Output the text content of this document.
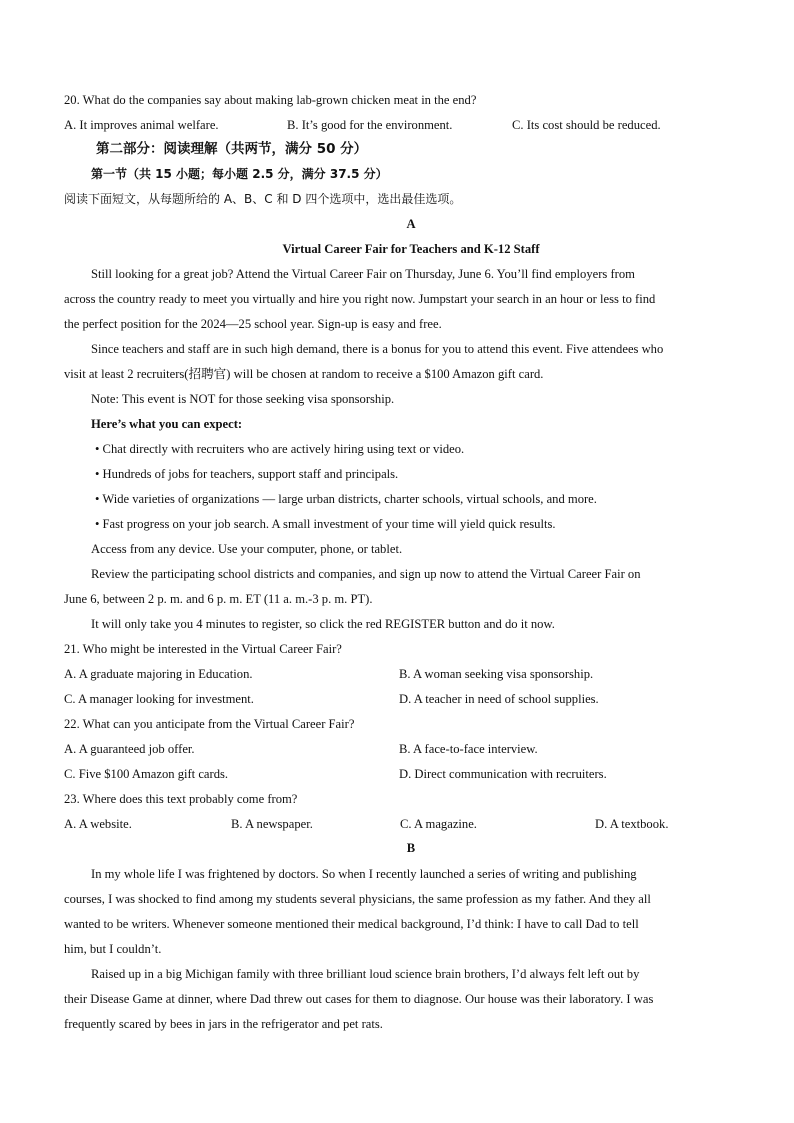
20. What do the companies say about making lab-grown chicken meat in the end?
A. It improves animal welfare.	B. It’s good for the environment.	C. Its cost should be reduced.
第二部分：阅读理解（共两节，满分 50 分）
第一节（共 15 小题；每小题 2.5 分，满分 37.5 分）
阅读下面短文，从每题所给的 A、B、C 和 D 四个选项中，选出最佳选项。
A
Virtual Career Fair for Teachers and K-12 Staff
Still looking for a great job? Attend the Virtual Career Fair on Thursday, June 6. You’ll find employers from
across the country ready to meet you virtually and hire you right now. Jumpstart your search in an hour or less to find
the perfect position for the 2024—25 school year. Sign-up is easy and free.
Since teachers and staff are in such high demand, there is a bonus for you to attend this event. Five attendees who
visit at least 2 recruiters(招聘官) will be chosen at random to receive a $100 Amazon gift card.
Note: This event is NOT for those seeking visa sponsorship.
Here’s what you can expect:
• Chat directly with recruiters who are actively hiring using text or video.
• Hundreds of jobs for teachers, support staff and principals.
• Wide varieties of organizations — large urban districts, charter schools, virtual schools, and more.
• Fast progress on your job search. A small investment of your time will yield quick results.
Access from any device. Use your computer, phone, or tablet.
Review the participating school districts and companies, and sign up now to attend the Virtual Career Fair on
June 6, between 2 p. m. and 6 p. m. ET (11 a. m.-3 p. m. PT).
It will only take you 4 minutes to register, so click the red REGISTER button and do it now.
21. Who might be interested in the Virtual Career Fair?
A. A graduate majoring in Education.	B. A woman seeking visa sponsorship.
C. A manager looking for investment.	D. A teacher in need of school supplies.
22. What can you anticipate from the Virtual Career Fair?
A. A guaranteed job offer.	B. A face-to-face interview.
C. Five $100 Amazon gift cards.	D. Direct communication with recruiters.
23. Where does this text probably come from?
A. A website.	B. A newspaper.	C. A magazine.	D. A textbook.
B
In my whole life I was frightened by doctors. So when I recently launched a series of writing and publishing
courses, I was shocked to find among my students several physicians, the same profession as my father. And they all
wanted to be writers. Whenever someone mentioned their medical background, I’d think: I have to call Dad to tell
him, but I couldn’t.
Raised up in a big Michigan family with three brilliant loud science brain brothers, I’d always felt left out by
their Disease Game at dinner, where Dad threw out cases for them to diagnose. Our house was their laboratory. I was
frequently scared by bees in jars in the refrigerator and pet rats.
